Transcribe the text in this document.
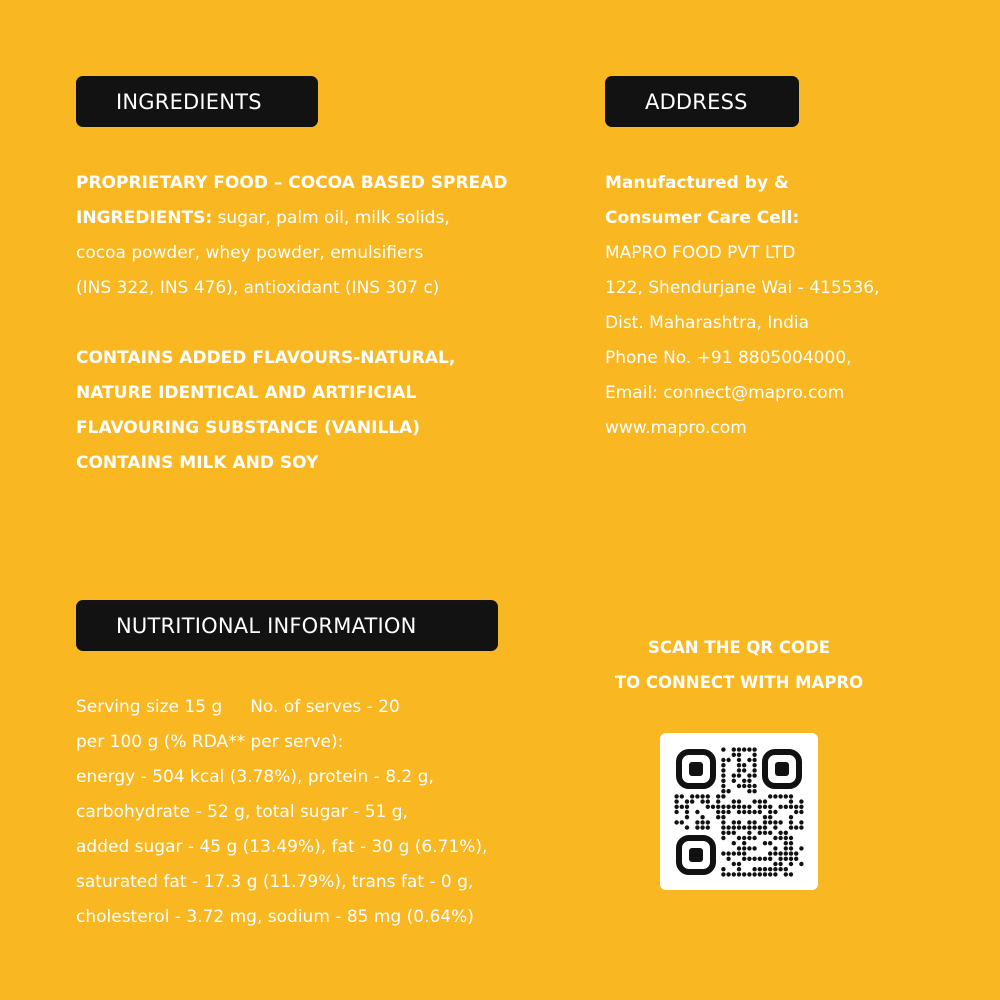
INGREDIENTS	ADDRESS
NUTRITIONAL INFORMATION
PROPRIETARY FOOD – COCOA BASED SPREAD
INGREDIENTS: sugar, palm oil, milk solids,
cocoa powder, whey powder, emulsifiers
(INS 322, INS 476), antioxidant (INS 307 c)
CONTAINS ADDED FLAVOURS-NATURAL,
NATURE IDENTICAL AND ARTIFICIAL
FLAVOURING SUBSTANCE (VANILLA)
CONTAINS MILK AND SOY
Manufactured by &
Consumer Care Cell:
MAPRO FOOD PVT LTD
122, Shendurjane Wai - 415536,
Dist. Maharashtra, India
Phone No. +91 8805004000,
Email: connect@mapro.com
www.mapro.com
Serving size 15 g No. of serves - 20
per 100 g (% RDA** per serve):
energy - 504 kcal (3.78%), protein - 8.2 g,
carbohydrate - 52 g, total sugar - 51 g,
added sugar - 45 g (13.49%), fat - 30 g (6.71%),
saturated fat - 17.3 g (11.79%), trans fat - 0 g,
cholesterol - 3.72 mg, sodium - 85 mg (0.64%)
SCAN THE QR CODE
TO CONNECT WITH MAPRO
